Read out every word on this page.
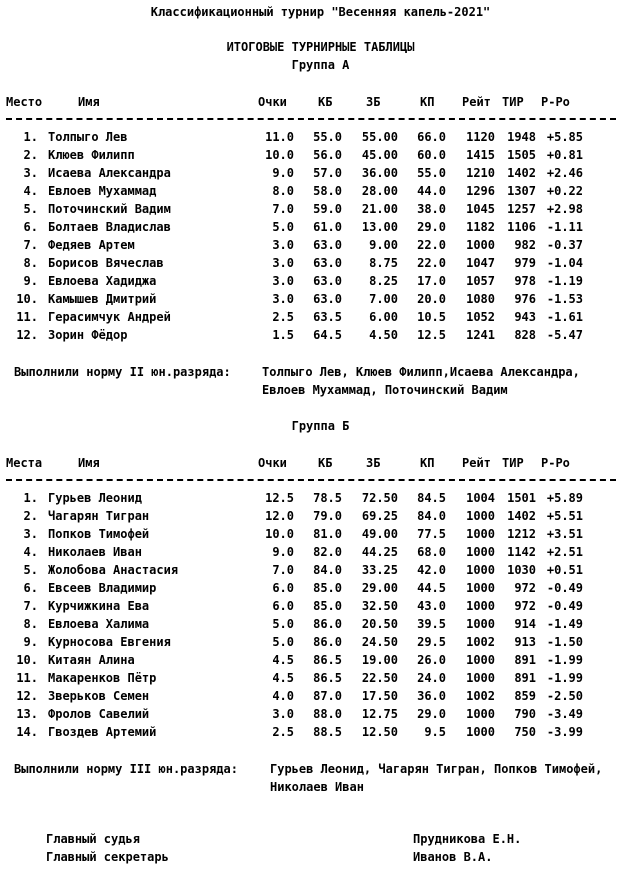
Классификационный турнир "Весенняя капель-2021"
ИТОГОВЫЕ ТУРНИРНЫЕ ТАБЛИЦЫ
Группа А
Место	Имя	Очки	КБ	ЗБ	КП Рейт ТИР Р-Ро
1. Толпыго Лев	11.0	55.0	55.00	66.0	1120	1948 +5.85
2. Клюев Филипп	10.0	56.0	45.00	60.0	1415	1505 +0.81
3. Исаева Александра	9.0	57.0	36.00	55.0	1210	1402 +2.46
4. Евлоев Мухаммад	8.0	58.0	28.00	44.0	1296	1307 +0.22
5. Поточинский Вадим	7.0	59.0	21.00	38.0	1045	1257 +2.98
6. Болтаев Владислав	5.0	61.0	13.00	29.0	1182	1106 -1.11
7. Федяев Артем	3.0	63.0	9.00	22.0	1000	982 -0.37
8. Борисов Вячеслав	3.0	63.0	8.75	22.0	1047	979 -1.04
9. Евлоева Хадиджа	3.0	63.0	8.25	17.0	1057	978 -1.19
10. Камышев Дмитрий	3.0	63.0	7.00	20.0	1080	976 -1.53
11. Герасимчук Андрей	2.5	63.5	6.00	10.5	1052	943 -1.61
12. Зорин Фёдор	1.5	64.5	4.50	12.5	1241	828 -5.47
Выполнили норму II юн.разряда:	Толпыго Лев, Клюев Филипп,Исаева Александра,
Евлоев Мухаммад, Поточинский Вадим
Группа Б
Места	Имя	Очки	КБ	ЗБ	КП Рейт ТИР Р-Ро
1. Гурьев Леонид	12.5	78.5	72.50	84.5	1004	1501 +5.89
2. Чагарян Тигран	12.0	79.0	69.25	84.0	1000	1402 +5.51
3. Попков Тимофей	10.0	81.0	49.00	77.5	1000	1212 +3.51
4. Николаев Иван	9.0	82.0	44.25	68.0	1000	1142 +2.51
5. Жолобова Анастасия	7.0	84.0	33.25	42.0	1000	1030 +0.51
6. Евсеев Владимир	6.0	85.0	29.00	44.5	1000	972 -0.49
7. Курчижкина Ева	6.0	85.0	32.50	43.0	1000	972 -0.49
8. Евлоева Халима	5.0	86.0	20.50	39.5	1000	914 -1.49
9. Курносова Евгения	5.0	86.0	24.50	29.5	1002	913 -1.50
10. Китаян Алина	4.5	86.5	19.00	26.0	1000	891 -1.99
11. Макаренков Пётр	4.5	86.5	22.50	24.0	1000	891 -1.99
12. Зверьков Семен	4.0	87.0	17.50	36.0	1002	859 -2.50
13. Фролов Савелий	3.0	88.0	12.75	29.0	1000	790 -3.49
14. Гвоздев Артемий	2.5	88.5	12.50	9.5	1000	750 -3.99
Выполнили норму III юн.разряда:	Гурьев Леонид, Чагарян Тигран, Попков Тимофей,
Николаев Иван
Главный судья	Прудникова Е.Н.
Главный секретарь	Иванов В.А.
